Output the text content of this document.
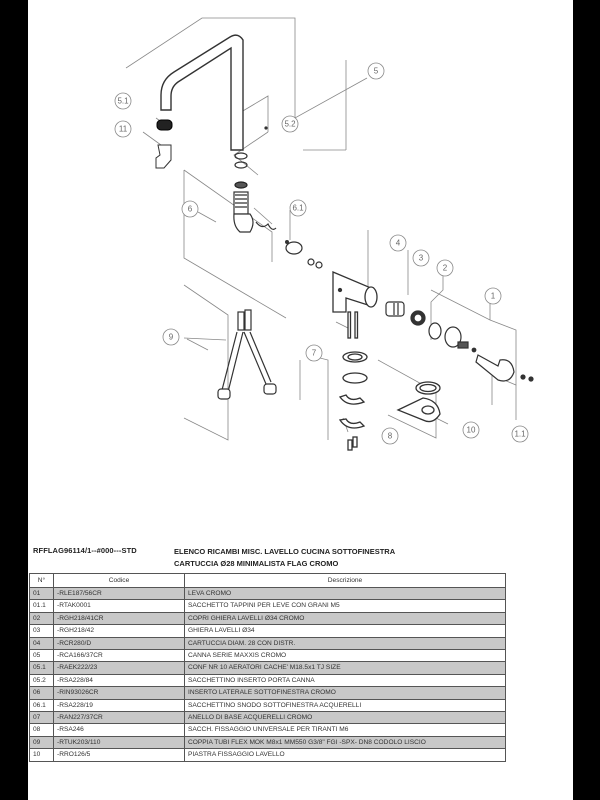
5
5.1
11
5.2
6	6.1
4
3
2
1
9
7
8
10	1.1
RFFLAG96114/1--#000---STD	ELENCO RICAMBI MISC. LAVELLO CUCINA SOTTOFINESTRA
CARTUCCIA Ø28 MINIMALISTA FLAG CROMO
N°	Codice	Descrizione
01	-RLE187/56CR	LEVA CROMO
01.1	-RTAK0001	SACCHETTO TAPPINI PER LEVE CON GRANI M5
02	-RGH218/41CR	COPRI GHIERA LAVELLI Ø34 CROMO
03	-RGH218/42	GHIERA LAVELLI Ø34
04	-RCR280/D	CARTUCCIA DIAM. 28 CON DISTR.
05	-RCA166/37CR	CANNA SERIE MAXXIS CROMO
05.1	-RAEK222/23	CONF NR 10 AERATORI CACHE' M18.5x1 TJ SIZE
05.2	-RSA228/84	SACCHETTINO INSERTO PORTA CANNA
06	-RIN93026CR	INSERTO LATERALE SOTTOFINESTRA CROMO
06.1	-RSA228/19	SACCHETTINO SNODO SOTTOFINESTRA ACQUERELLI
07	-RAN227/37CR	ANELLO DI BASE ACQUERELLI CROMO
08	-RSA246	SACCH. FISSAGGIO UNIVERSALE PER TIRANTI M6
09	-RTUK203/110	COPPIA TUBI FLEX MOK M8x1 MM550 G3/8" FGI -SPX- DN8 CODOLO LISCIO
10	-RRO126/5	PIASTRA FISSAGGIO LAVELLO
